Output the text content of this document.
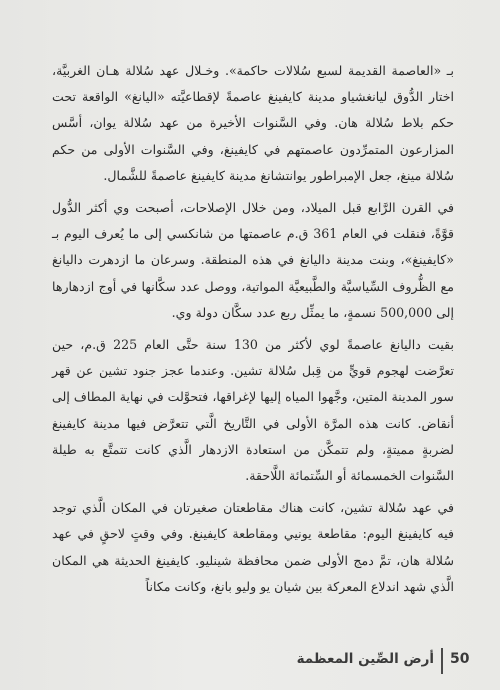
بـ «العاصمة القديمة لسبع سُلالات حاكمة». وخـلال عهد سُلالة هـان الغربيَّة، اختار الدُّوق ليانغشياو مدينة كايفينغ عاصمةً لإقطاعيَّته «اليانغ» الواقعة تحت حكم بلاط سُلالة هان. وفي السَّنوات الأخيرة من عهد سُلالة يوان، أسَّس المزارعون المتمرِّدون عاصمتهم في كايفينغ، وفي السَّنوات الأولى من حكم سُلالة مينغ، جعل الإمبراطور يوانتشانغ مدينة كايفينغ عاصمةً للشَّمال.

في القرن الرَّابع قبل الميلاد، ومن خلال الإصلاحات، أصبحت وي أكثر الدُّول قوَّةً، فنقلت في العام 361 ق.م عاصمتها من شانكسي إلى ما يُعرف اليوم بـ «كايفينغ»، وبنت مدينة داليانغ في هذه المنطقة. وسرعان ما ازدهرت داليانغ مع الظُّروف السِّياسيَّة والطَّبيعيَّة المواتية، ووصل عدد سكَّانها في أوج ازدهارها إلى 500,000 نسمةٍ، ما يمثِّل ربع عدد سكَّان دولة وي.

بقيت داليانغ عاصمةً لوي لأكثر من 130 سنة حتَّى العام 225 ق.م، حين تعرَّضت لهجوم قويٍّ من قِبل سُلالة تشين. وعندما عجز جنود تشين عن قهر سور المدينة المتين، وجَّهوا المياه إليها لإغراقها، فتحوَّلت في نهاية المطاف إلى أنقاض. كانت هذه المرَّة الأولى في التَّاريخ الَّتي تتعرَّض فيها مدينة كايفينغ لضربةٍ مميتةٍ، ولم تتمكَّن من استعادة الازدهار الَّذي كانت تتمتَّع به طيلة السَّنوات الخمسمائة أو السِّتمائة اللَّاحقة.

في عهد سُلالة تشين، كانت هناك مقاطعتان صغيرتان في المكان الَّذي توجد فيه كايفينغ اليوم: مقاطعة يونيي ومقاطعة كايفينغ. وفي وقتٍ لاحقٍ في عهد سُلالة هان، تمَّ دمج الأولى ضمن محافظة شينليو. كايفينغ الحديثة هي المكان الَّذي شهد اندلاع المعركة بين شيان يو وليو بانغ، وكانت مكاناً

50
أرض الصِّين المعظمة
